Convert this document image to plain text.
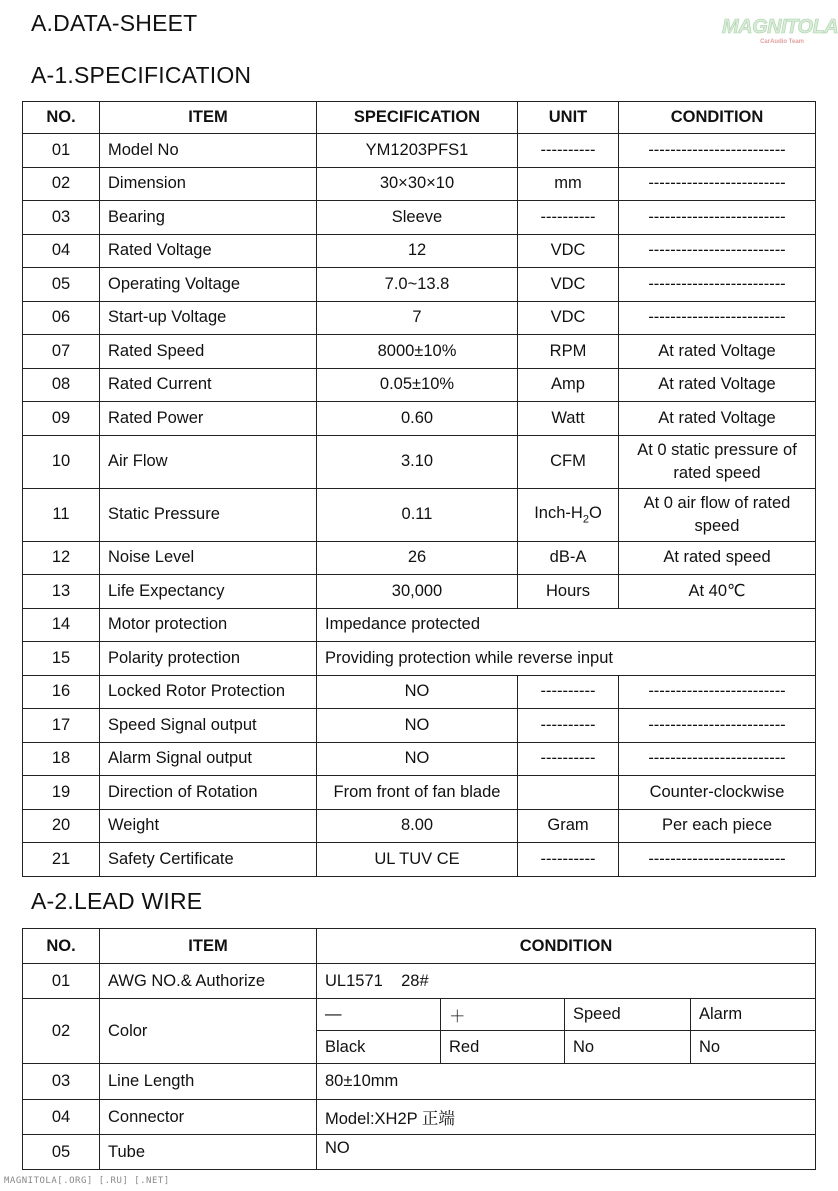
A.DATA-SHEET	MAGNITOLA
CarAudio Team
A-1.SPECIFICATION
NO.	ITEM	SPECIFICATION	UNIT	CONDITION
01	Model No	YM1203PFS1	----------	-------------------------
02	Dimension	30×30×10	mm	-------------------------
03	Bearing	Sleeve	----------	-------------------------
04	Rated Voltage	12	VDC	-------------------------
05	Operating Voltage	7.0~13.8	VDC	-------------------------
06	Start-up Voltage	7	VDC	-------------------------
07	Rated Speed	8000±10%	RPM	At rated Voltage
08	Rated Current	0.05±10%	Amp	At rated Voltage
09	Rated Power	0.60	Watt	At rated Voltage
10	Air Flow	3.10	CFM	At 0 static pressure of rated speed
11	Static Pressure	0.11	Inch-$H_2O$	At 0 air flow of rated speed
12	Noise Level	26	dB-A	At rated speed
13	Life Expectancy	30,000	Hours	At 40℃
14	Motor protection	Impedance protected		
15	Polarity protection	Providing protection while reverse input		
16	Locked Rotor Protection	NO	----------	-------------------------
17	Speed Signal output	NO	----------	-------------------------
18	Alarm Signal output	NO	----------	-------------------------
19	Direction of Rotation	From front of fan blade		Counter-clockwise
20	Weight	8.00	Gram	Per each piece
21	Safety Certificate	UL TUV CE	----------	-------------------------
A-2.LEAD WIRE
NO.	ITEM	CONDITION			
01	AWG NO.& Authorize	UL1571    28#			
02	Color	—	＋	Speed	Alarm
		Black	Red	No	No
03	Line Length	80±10mm			
04	Connector	Model:XH2P 正端			
05	Tube	NO			
MAGNITOLA[.ORG] [.RU] [.NET]
